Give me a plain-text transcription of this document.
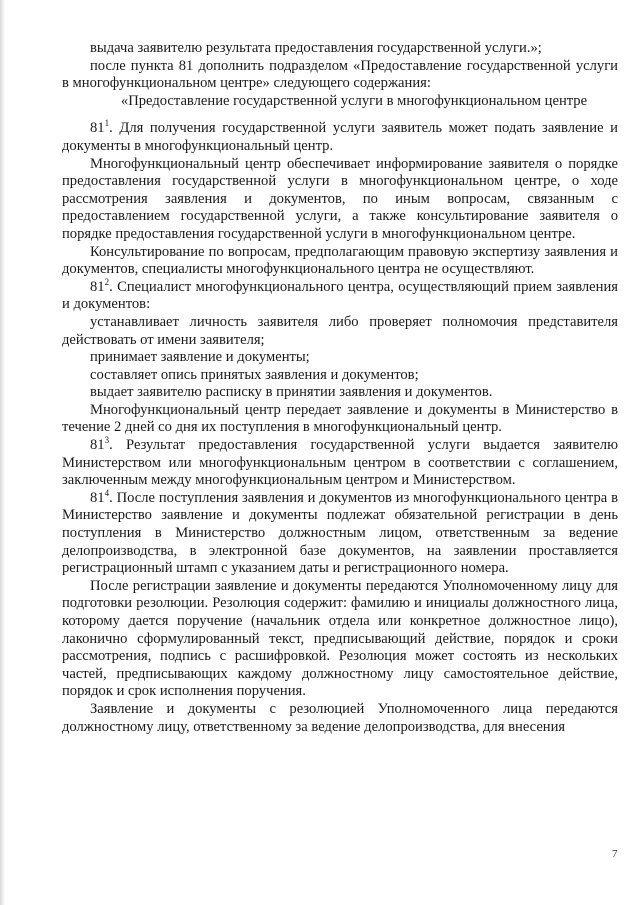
выдача заявителю результата предоставления государственной услуги.»;

после пункта 81 дополнить подразделом «Предоставление государственной услуги в многофункциональном центре» следующего содержания:

«Предоставление государственной услуги в многофункциональном центре

$81^1$. Для получения государственной услуги заявитель может подать заявление и документы в многофункциональный центр.

Многофункциональный центр обеспечивает информирование заявителя о порядке предоставления государственной услуги в многофункциональном центре, о ходе рассмотрения заявления и документов, по иным вопросам, связанным с предоставлением государственной услуги, а также консультирование заявителя о порядке предоставления государственной услуги в многофункциональном центре.

Консультирование по вопросам, предполагающим правовую экспертизу заявления и документов, специалисты многофункционального центра не осуществляют.

$81^2$. Специалист многофункционального центра, осуществляющий прием заявления и документов:

устанавливает личность заявителя либо проверяет полномочия представителя действовать от имени заявителя;

принимает заявление и документы;

составляет опись принятых заявления и документов;

выдает заявителю расписку в принятии заявления и документов.

Многофункциональный центр передает заявление и документы в Министерство в течение 2 дней со дня их поступления в многофункциональный центр.

$81^3$. Результат предоставления государственной услуги выдается заявителю Министерством или многофункциональным центром в соответствии с соглашением, заключенным между многофункциональным центром и Министерством.

$81^4$. После поступления заявления и документов из многофункционального центра в Министерство заявление и документы подлежат обязательной регистрации в день поступления в Министерство должностным лицом, ответственным за ведение делопроизводства, в электронной базе документов, на заявлении проставляется регистрационный штамп с указанием даты и регистрационного номера.

После регистрации заявление и документы передаются Уполномоченному лицу для подготовки резолюции. Резолюция содержит: фамилию и инициалы должностного лица, которому дается поручение (начальник отдела или конкретное должностное лицо), лаконично сформулированный текст, предписывающий действие, порядок и сроки рассмотрения, подпись с расшифровкой. Резолюция может состоять из нескольких частей, предписывающих каждому должностному лицу самостоятельное действие, порядок и срок исполнения поручения.

Заявление и документы с резолюцией Уполномоченного лица передаются должностному лицу, ответственному за ведение делопроизводства, для внесения

7
